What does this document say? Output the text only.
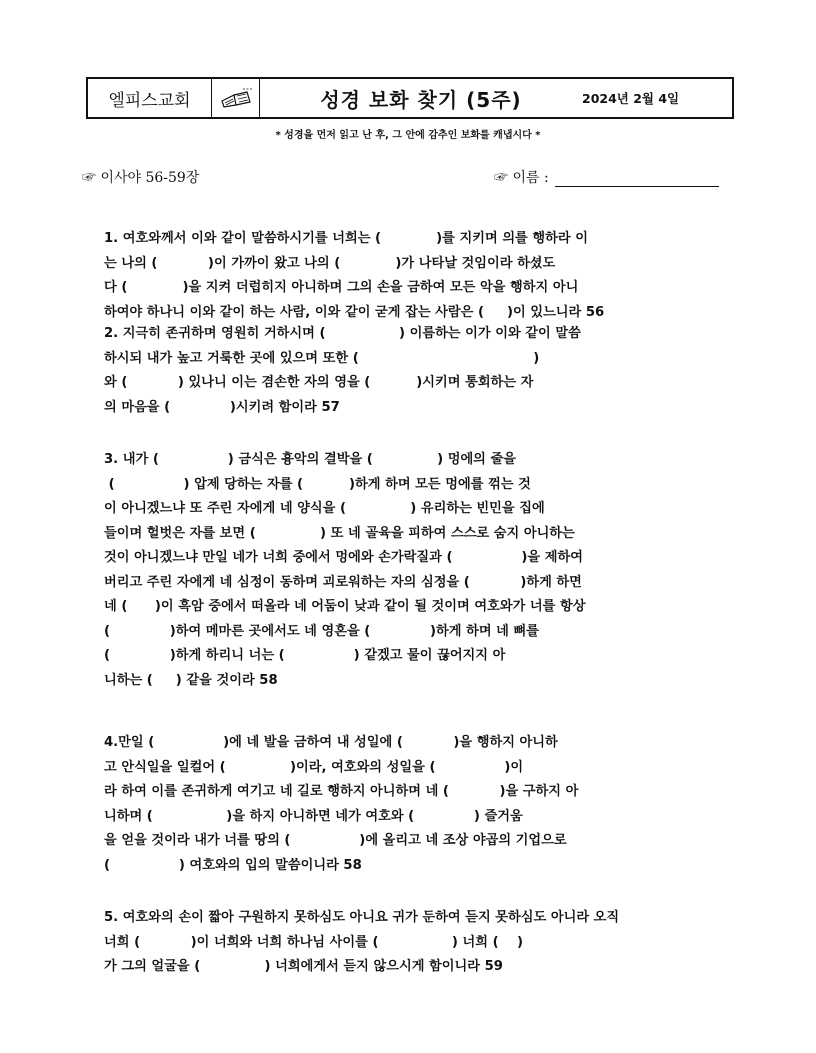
엘피스교회	성경 보화 찾기 (5주)	2024년 2월 4일
* 성경을 먼저 읽고 난 후, 그 안에 감추인 보화를 캐냅시다 *
☞ 이사야 56-59장	☞ 이름 :
1. 여호와께서 이와 같이 말씀하시기를 너희는 (            )를 지키며 의를 행하라 이
는 나의 (           )이 가까이 왔고 나의 (            )가 나타날 것임이라 하셨도
다 (            )을 지켜 더럽히지 아니하며 그의 손을 금하여 모든 악을 행하지 아니
하여야 하나니 이와 같이 하는 사람, 이와 같이 굳게 잡는 사람은 (     )이 있느니라 56
2. 지극히 존귀하며 영원히 거하시며 (                ) 이름하는 이가 이와 같이 말씀
하시되 내가 높고 거룩한 곳에 있으며 또한 (                                      )
와 (           ) 있나니 이는 겸손한 자의 영을 (          )시키며 통회하는 자
의 마음을 (             )시키려 함이라 57
3. 내가 (               ) 금식은 흉악의 결박을 (              ) 멍에의 줄을
(               ) 압제 당하는 자를 (          )하게 하며 모든 멍에를 꺾는 것
이 아니겠느냐 또 주린 자에게 네 양식을 (              ) 유리하는 빈민을 집에
들이며 헐벗은 자를 보면 (              ) 또 네 골육을 피하여 스스로 숨지 아니하는
것이 아니겠느냐 만일 네가 너희 중에서 멍에와 손가락질과 (               )을 제하여
버리고 주린 자에게 네 심정이 동하며 괴로워하는 자의 심정을 (           )하게 하면
네 (      )이 흑암 중에서 떠올라 네 어둠이 낮과 같이 될 것이며 여호와가 너를 항상
(             )하여 메마른 곳에서도 네 영혼을 (             )하게 하며 네 뼈를
(             )하게 하리니 너는 (               ) 같겠고 물이 끊어지지 아
니하는 (     ) 같을 것이라 58
4.만일 (               )에 네 발을 금하여 내 성일에 (           )을 행하지 아니하
고 안식일을 일컬어 (              )이라, 여호와의 성일을 (               )이
라 하여 이를 존귀하게 여기고 네 길로 행하지 아니하며 네 (           )을 구하지 아
니하며 (                )을 하지 아니하면 네가 여호와 (             ) 즐거움
을 얻을 것이라 내가 너를 땅의 (               )에 올리고 네 조상 야곱의 기업으로
(               ) 여호와의 입의 말씀이니라 58
5. 여호와의 손이 짧아 구원하지 못하심도 아니요 귀가 둔하여 듣지 못하심도 아니라 오직
너희 (           )이 너희와 너희 하나님 사이를 (                ) 너희 (    )
가 그의 얼굴을 (              ) 너희에게서 듣지 않으시게 함이니라 59
